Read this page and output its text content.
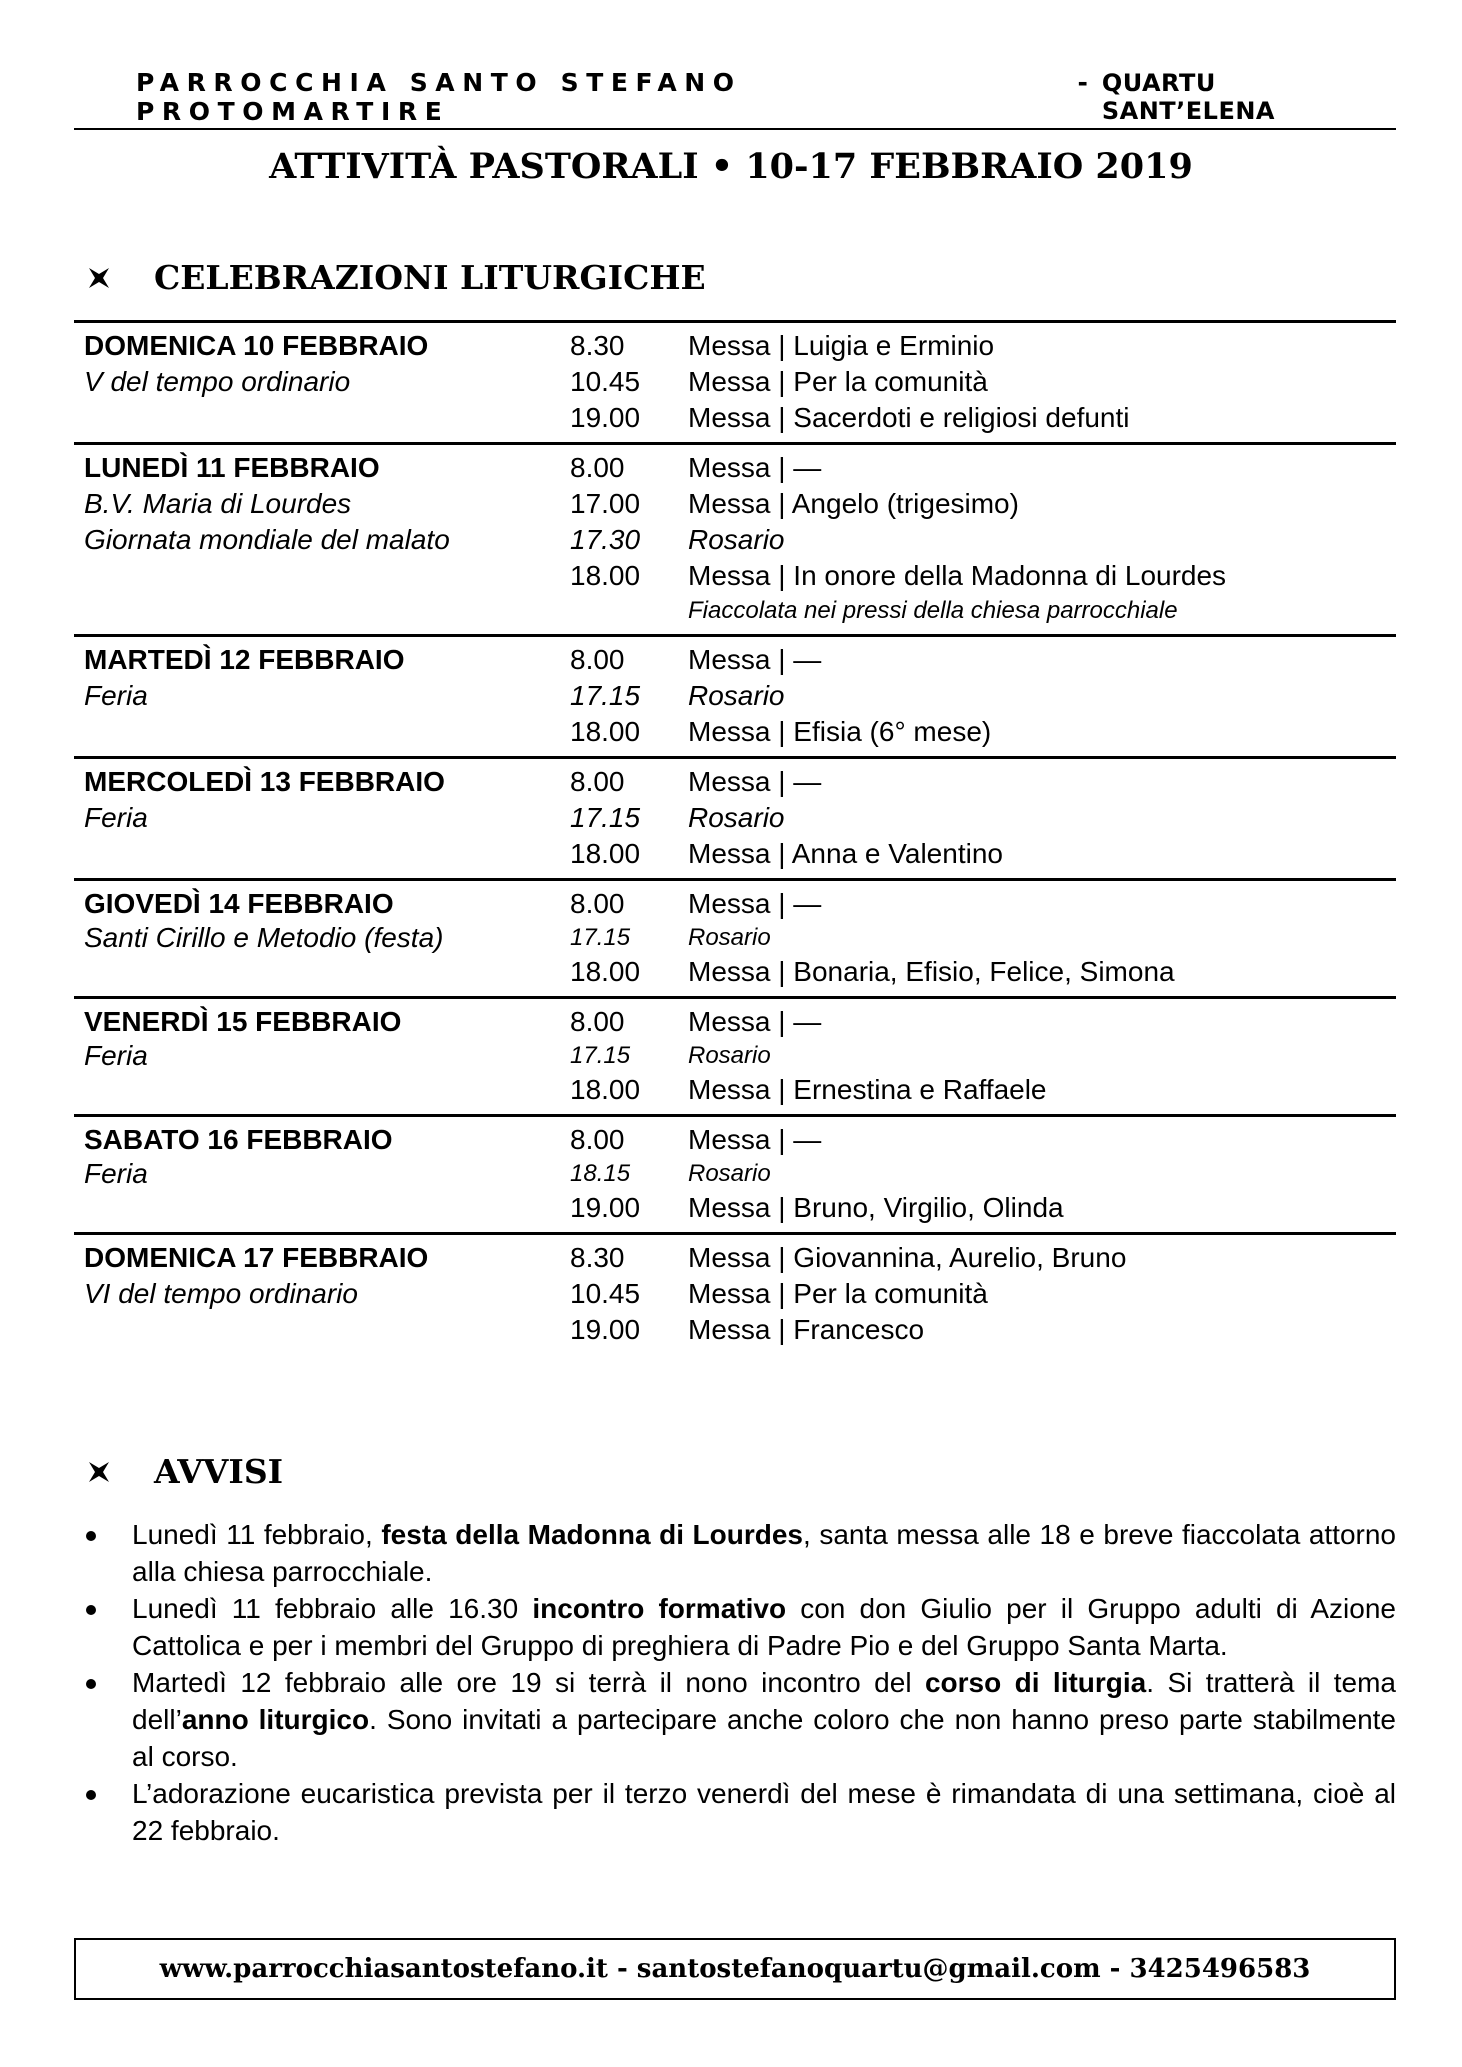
PARROCCHIA SANTO STEFANO PROTOMARTIRE
- QUARTU SANT’ELENA
ATTIVITÀ PASTORALI • 10-17 FEBBRAIO 2019
CELEBRAZIONI LITURGICHE
DOMENICA 10 FEBBRAIO	8.30	Messa | Luigia e Erminio
V del tempo ordinario	10.45	Messa | Per la comunità
19.00	Messa | Sacerdoti e religiosi defunti
LUNEDÌ 11 FEBBRAIO	8.00	Messa | —
B.V. Maria di Lourdes	17.00	Messa | Angelo (trigesimo)
Giornata mondiale del malato	17.30	Rosario
18.00	Messa | In onore della Madonna di Lourdes
Fiaccolata nei pressi della chiesa parrocchiale
MARTEDÌ 12 FEBBRAIO	8.00	Messa | —
Feria	17.15	Rosario
18.00	Messa | Efisia (6° mese)
MERCOLEDÌ 13 FEBBRAIO	8.00	Messa | —
Feria	17.15	Rosario
18.00	Messa | Anna e Valentino
GIOVEDÌ 14 FEBBRAIO	8.00	Messa | —
Santi Cirillo e Metodio (festa)	17.15	Rosario
18.00	Messa | Bonaria, Efisio, Felice, Simona
VENERDÌ 15 FEBBRAIO	8.00	Messa | —
Feria	17.15	Rosario
18.00	Messa | Ernestina e Raffaele
SABATO 16 FEBBRAIO	8.00	Messa | —
Feria	18.15	Rosario
19.00	Messa | Bruno, Virgilio, Olinda
DOMENICA 17 FEBBRAIO	8.30	Messa | Giovannina, Aurelio, Bruno
VI del tempo ordinario	10.45	Messa | Per la comunità
19.00	Messa | Francesco
AVVISI
Lunedì 11 febbraio, festa della Madonna di Lourdes, santa messa alle 18 e breve fiaccolata attorno alla chiesa parrocchiale.
Lunedì 11 febbraio alle 16.30 incontro formativo con don Giulio per il Gruppo adulti di Azione Cattolica e per i membri del Gruppo di preghiera di Padre Pio e del Gruppo Santa Marta.
Martedì 12 febbraio alle ore 19 si terrà il nono incontro del corso di liturgia. Si tratterà il tema dell’anno liturgico. Sono invitati a partecipare anche coloro che non hanno preso parte stabilmente al corso.
L’adorazione eucaristica prevista per il terzo venerdì del mese è rimandata di una settimana, cioè al 22 febbraio.
www.parrocchiasantostefano.it - santostefanoquartu@gmail.com - 3425496583
